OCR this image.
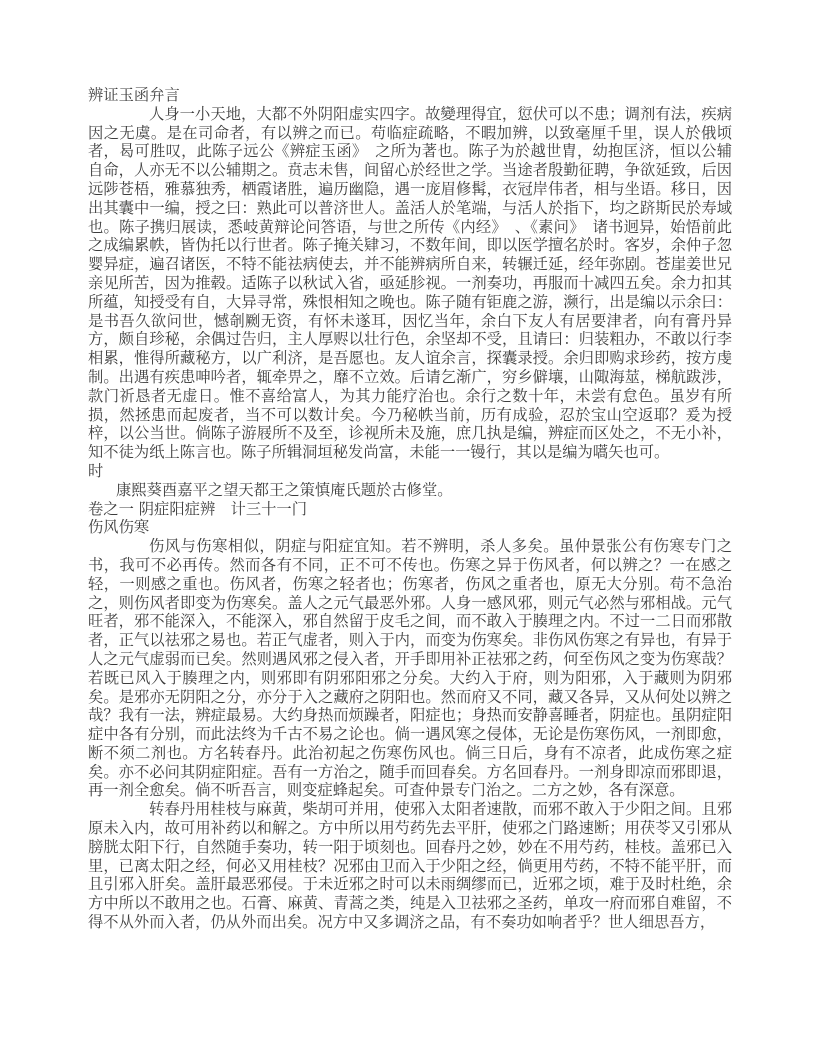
辨证玉函弁言
人身一小天地，大都不外阴阳虚实四字。故變理得宜，愆伏可以不患；调剂有法，疾病因之无虞。是在司命者，有以辨之而已。苟临症疏略，不暇加辨，以致毫厘千里，误人於俄顷者，曷可胜叹，此陈子远公《辨症玉函》　之所为著也。陈子为於越世胄，幼抱匡济，恒以公辅自命，人亦无不以公辅期之。贲志未售，间留心於经世之学。当途者殷勤征聘，争欲延致，后因远陟苍梧，雅慕独秀，栖霞诸胜，遍历幽隐，遇一庞眉修髯，衣冠岸伟者，相与坐语。移日，因出其囊中一编，授之曰：熟此可以普济世人。盖活人於笔端，与活人於指下，均之跻斯民於寿域也。陈子携归展读，悉岐黄辩论问答语，与世之所传《内经》　、《素问》　诸书迥异，始悟前此之成编累帙，皆伪托以行世者。陈子掩关肄习，不数年间，即以医学擅名於时。客岁，余仲子忽婴异症，遍召诸医，不特不能祛病使去，并不能辨病所自来，转辗迁延，经年弥剧。苍崖姜世兄亲见所苦，因为推毂。适陈子以秋试入省，亟延胗视。一剂奏功，再服而十减四五矣。余力扣其所蕴，知授受有自，大异寻常，殊恨相知之晚也。陈子随有钜鹿之游，濒行，出是编以示余曰：是书吾久欲问世，憾剞劂无资，有怀未遂耳，因忆当年，余白下友人有居要津者，向有膏丹异方，颇自珍秘，余偶过告归，主人厚赆以壮行色，余坚却不受，且请曰：归装粗办，不敢以行李相累，惟得所藏秘方，以广利济，是吾愿也。友人谊余言，探囊录授。余归即购求珍药，按方虔制。出遇有疾患呻吟者，辄牵畀之，靡不立效。后请乞渐广，穷乡僻壤，山陬海莁，梯航跋涉，款门祈恳者无虚日。惟不喜给富人，为其力能疗治也。余行之数十年，未尝有怠色。虽岁有所损，然拯患而起废者，当不可以数计矣。今乃秘帙当前，历有成验，忍於宝山空返耶？爰为授梓，以公当世。倘陈子游屐所不及至，诊视所未及施，庶几执是编，辨症而区处之，不无小补，知不徒为纸上陈言也。陈子所辑洞垣秘发尚富，未能一一镘行，其以是编为嚆矢也可。
时
康熙葵酉嘉平之望天都王之策慎庵氏题於古修堂。
卷之一 阴症阳症辨　计三十一门
伤风伤寒
伤风与伤寒相似，阴症与阳症宜知。若不辨明，杀人多矣。虽仲景张公有伤寒专门之书，我可不必再传。然而各有不同，正不可不传也。伤寒之异于伤风者，何以辨之？一在感之轻，一则感之重也。伤风者，伤寒之轻者也；伤寒者，伤风之重者也，原无大分别。苟不急治之，则伤风者即变为伤寒矣。盖人之元气最恶外邪。人身一感风邪，则元气必然与邪相战。元气旺者，邪不能深入，不能深入，邪自然留于皮毛之间，而不敢入于腠理之内。不过一二日而邪散者，正气以祛邪之易也。若正气虚者，则入于内，而变为伤寒矣。非伤风伤寒之有异也，有异于人之元气虚弱而已矣。然则遇风邪之侵入者，开手即用补正祛邪之药，何至伤风之变为伤寒哉？若既已风入于腠理之内，则邪即有阴邪阳邪之分矣。大约入于府，则为阳邪，入于藏则为阴邪矣。是邪亦无阴阳之分，亦分于入之藏府之阴阳也。然而府又不同，藏又各异，又从何处以辨之哉？我有一法，辨症最易。大约身热而烦躁者，阳症也；身热而安静喜睡者，阴症也。虽阴症阳症中各有分别，而此法终为千古不易之论也。倘一遇风寒之侵体，无论是伤寒伤风，一剂即愈，断不须二剂也。方名转春丹。此治初起之伤寒伤风也。倘三日后，身有不凉者，此成伤寒之症矣。亦不必问其阴症阳症。吾有一方治之，随手而回春矣。方名回春丹。一剂身即凉而邪即退，再一剂全愈矣。倘不听吾言，则变症蜂起矣。可查仲景专门治之。二方之妙，各有深意。
转春丹用桂枝与麻黄，柴胡可并用，使邪入太阳者速散，而邪不敢入于少阳之间。且邪原未入内，故可用补药以和解之。方中所以用芍药先去平肝，使邪之门路速断；用茯苓又引邪从膀胱太阳下行，自然随手奏功，转一阳于顷刻也。回春丹之妙，妙在不用芍药，桂枝。盖邪已入里，已离太阳之经，何必又用桂枝？况邪由卫而入于少阳之经，倘更用芍药，不特不能平肝，而且引邪入肝矣。盖肝最恶邪侵。于未近邪之时可以未雨绸缪而已，近邪之顷，难于及时杜绝，余方中所以不敢用之也。石膏、麻黄、青蒿之类，纯是入卫祛邪之圣药，单攻一府而邪自难留，不得不从外而入者，仍从外而出矣。况方中又多调济之品，有不奏功如响者乎？世人细思吾方，
